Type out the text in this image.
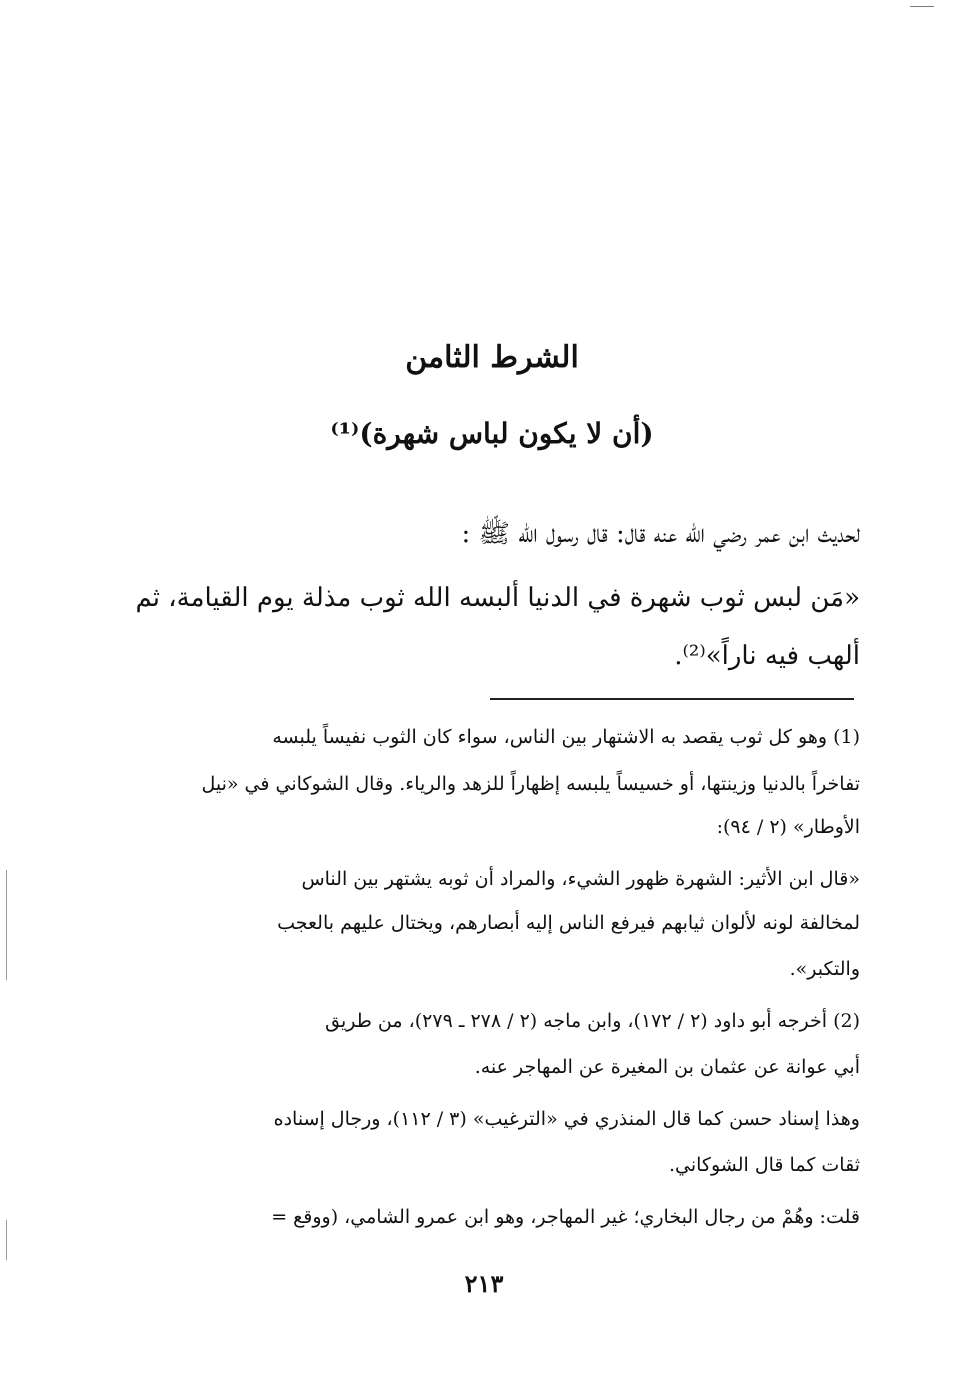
الشرط الثامن
(أن لا يكون لباس شهرة)⁽¹⁾
لحديث ابن عمر رضي الله عنه قال: قال رسول الله ﷺ :
«مَن لبس ثوب شهرة في الدنيا ألبسه الله ثوب مذلة يوم القيامة، ثم
ألهب فيه ناراً»⁽²⁾.
(1) وهو كل ثوب يقصد به الاشتهار بين الناس، سواء كان الثوب نفيساً يلبسه
تفاخراً بالدنيا وزينتها، أو خسيساً يلبسه إظهاراً للزهد والرياء. وقال الشوكاني في «نيل
الأوطار» (٢ / ٩٤):
«قال ابن الأثير: الشهرة ظهور الشيء، والمراد أن ثوبه يشتهر بين الناس
لمخالفة لونه لألوان ثيابهم فيرفع الناس إليه أبصارهم، ويختال عليهم بالعجب
والتكبر».
(2) أخرجه أبو داود (٢ / ١٧٢)، وابن ماجه (٢ / ٢٧٨ ـ ٢٧٩)، من طريق
أبي عوانة عن عثمان بن المغيرة عن المهاجر عنه.
وهذا إسناد حسن كما قال المنذري في «الترغيب» (٣ / ١١٢)، ورجال إسناده
ثقات كما قال الشوكاني.
قلت: وهُمْ من رجال البخاري؛ غير المهاجر، وهو ابن عمرو الشامي، (ووقع =
٢١٣
